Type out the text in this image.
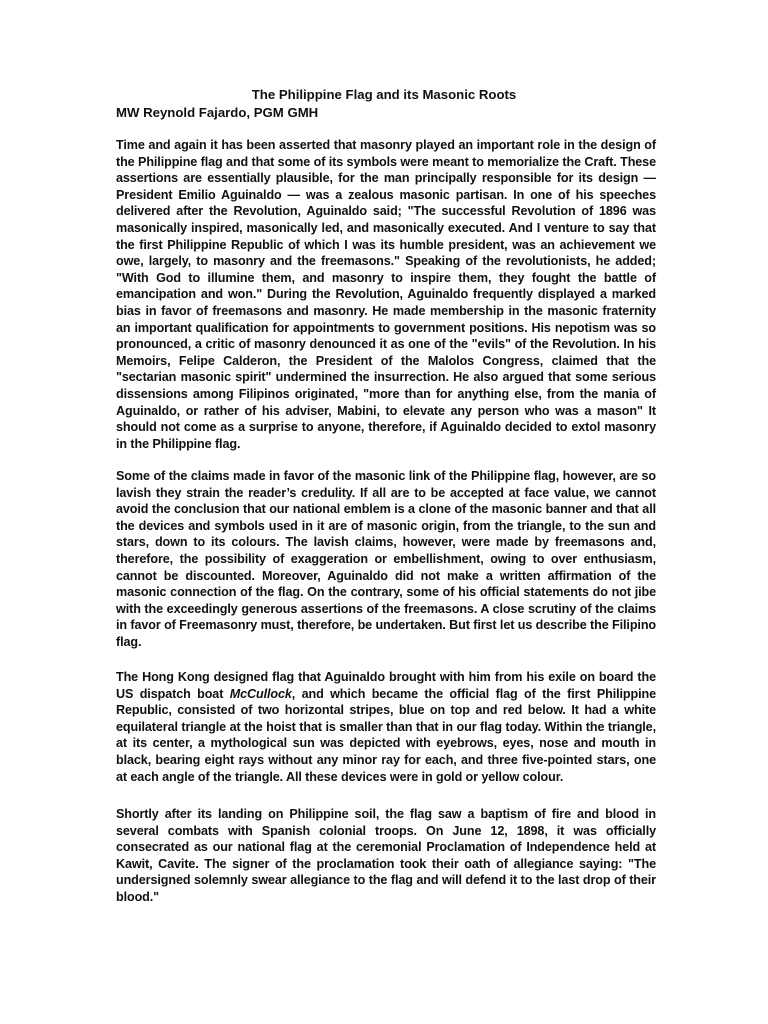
The Philippine Flag and its Masonic Roots
MW Reynold Fajardo, PGM GMH

Time and again it has been asserted that masonry played an important role in the design of the Philippine flag and that some of its symbols were meant to memorialize the Craft. These assertions are essentially plausible, for the man principally responsible for its design — President Emilio Aguinaldo — was a zealous masonic partisan. In one of his speeches delivered after the Revolution, Aguinaldo said; "The successful Revolution of 1896 was masonically inspired, masonically led, and masonically executed. And I venture to say that the first Philippine Republic of which I was its humble president, was an achievement we owe, largely, to masonry and the freemasons." Speaking of the revolutionists, he added; "With God to illumine them, and masonry to inspire them, they fought the battle of emancipation and won." During the Revolution, Aguinaldo frequently displayed a marked bias in favor of freemasons and masonry. He made membership in the masonic fraternity an important qualification for appointments to government positions. His nepotism was so pronounced, a critic of masonry denounced it as one of the "evils" of the Revolution. In his Memoirs, Felipe Calderon, the President of the Malolos Congress, claimed that the "sectarian masonic spirit" undermined the insurrection. He also argued that some serious dissensions among Filipinos originated, "more than for anything else, from the mania of Aguinaldo, or rather of his adviser, Mabini, to elevate any person who was a mason" It should not come as a surprise to anyone, therefore, if Aguinaldo decided to extol masonry in the Philippine flag.

Some of the claims made in favor of the masonic link of the Philippine flag, however, are so lavish they strain the reader’s credulity. If all are to be accepted at face value, we cannot avoid the conclusion that our national emblem is a clone of the masonic banner and that all the devices and symbols used in it are of masonic origin, from the triangle, to the sun and stars, down to its colours. The lavish claims, however, were made by freemasons and, therefore, the possibility of exaggeration or embellishment, owing to over enthusiasm, cannot be discounted. Moreover, Aguinaldo did not make a written affirmation of the masonic connection of the flag. On the contrary, some of his official statements do not jibe with the exceedingly generous assertions of the freemasons. A close scrutiny of the claims in favor of Freemasonry must, therefore, be undertaken. But first let us describe the Filipino flag.

The Hong Kong designed flag that Aguinaldo brought with him from his exile on board the US dispatch boat McCullock, and which became the official flag of the first Philippine Republic, consisted of two horizontal stripes, blue on top and red below. It had a white equilateral triangle at the hoist that is smaller than that in our flag today. Within the triangle, at its center, a mythological sun was depicted with eyebrows, eyes, nose and mouth in black, bearing eight rays without any minor ray for each, and three five-pointed stars, one at each angle of the triangle. All these devices were in gold or yellow colour.

Shortly after its landing on Philippine soil, the flag saw a baptism of fire and blood in several combats with Spanish colonial troops. On June 12, 1898, it was officially consecrated as our national flag at the ceremonial Proclamation of Independence held at Kawit, Cavite. The signer of the proclamation took their oath of allegiance saying: "The undersigned solemnly swear allegiance to the flag and will defend it to the last drop of their blood."
